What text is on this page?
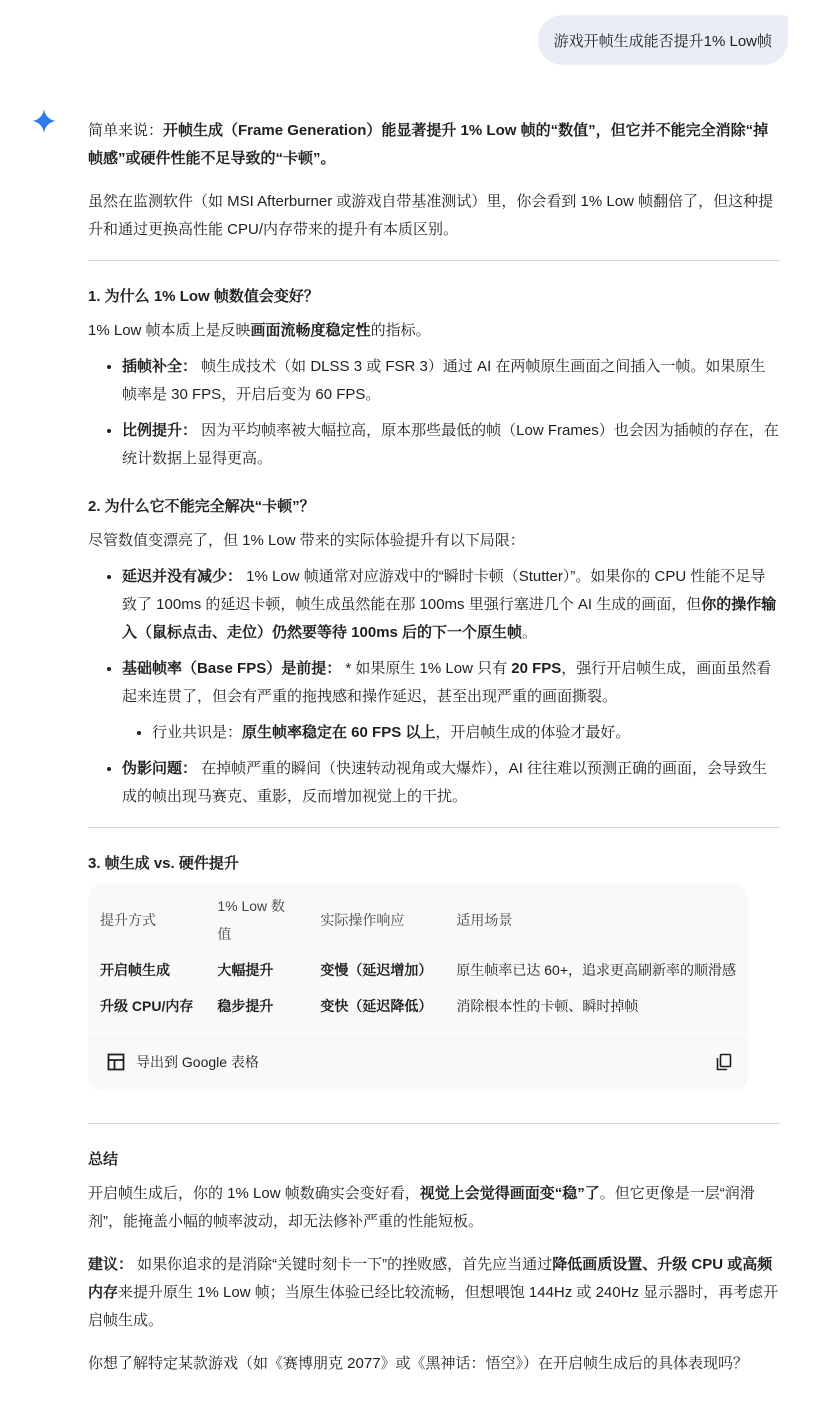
游戏开帧生成能否提升1% Low帧

简单来说：开帧生成（Frame Generation）能显著提升 1% Low 帧的“数值”，但它并不能完全消除“掉帧感”或硬件性能不足导致的“卡顿”。

虽然在监测软件（如 MSI Afterburner 或游戏自带基准测试）里，你会看到 1% Low 帧翻倍了，但这种提升和通过更换高性能 CPU/内存带来的提升有本质区别。

1. 为什么 1% Low 帧数值会变好？

1% Low 帧本质上是反映画面流畅度稳定性的指标。

• 插帧补全： 帧生成技术（如 DLSS 3 或 FSR 3）通过 AI 在两帧原生画面之间插入一帧。如果原生帧率是 30 FPS，开启后变为 60 FPS。
• 比例提升： 因为平均帧率被大幅拉高，原本那些最低的帧（Low Frames）也会因为插帧的存在，在统计数据上显得更高。
2. 为什么它不能完全解决“卡顿”？

尽管数值变漂亮了，但 1% Low 带来的实际体验提升有以下局限：

• 延迟并没有减少： 1% Low 帧通常对应游戏中的“瞬时卡顿（Stutter）”。如果你的 CPU 性能不足导致了 100ms 的延迟卡顿，帧生成虽然能在那 100ms 里强行塞进几个 AI 生成的画面，但你的操作输入（鼠标点击、走位）仍然要等待 100ms 后的下一个原生帧。
• 基础帧率（Base FPS）是前提： * 如果原生 1% Low 只有 20 FPS，强行开启帧生成，画面虽然看起来连贯了，但会有严重的拖拽感和操作延迟，甚至出现严重的画面撕裂。
• 行业共识是：原生帧率稳定在 60 FPS 以上，开启帧生成的体验才最好。
• 伪影问题： 在掉帧严重的瞬间（快速转动视角或大爆炸），AI 往往难以预测正确的画面，会导致生成的帧出现马赛克、重影，反而增加视觉上的干扰。
3. 帧生成 vs. 硬件提升
提升方式	1% Low 数值	实际操作响应	适用场景
开启帧生成	大幅提升	变慢（延迟增加）	原生帧率已达 60+，追求更高刷新率的顺滑感
升级 CPU/内存	稳步提升	变快（延迟降低）	消除根本性的卡顿、瞬时掉帧
导出到 Google 表格
总结

开启帧生成后，你的 1% Low 帧数确实会变好看，视觉上会觉得画面变“稳”了。但它更像是一层“润滑剂”，能掩盖小幅的帧率波动，却无法修补严重的性能短板。

建议： 如果你追求的是消除“关键时刻卡一下”的挫败感，首先应当通过降低画质设置、升级 CPU 或高频内存来提升原生 1% Low 帧；当原生体验已经比较流畅，但想喂饱 144Hz 或 240Hz 显示器时，再考虑开启帧生成。

你想了解特定某款游戏（如《赛博朋克 2077》或《黑神话：悟空》）在开启帧生成后的具体表现吗？
